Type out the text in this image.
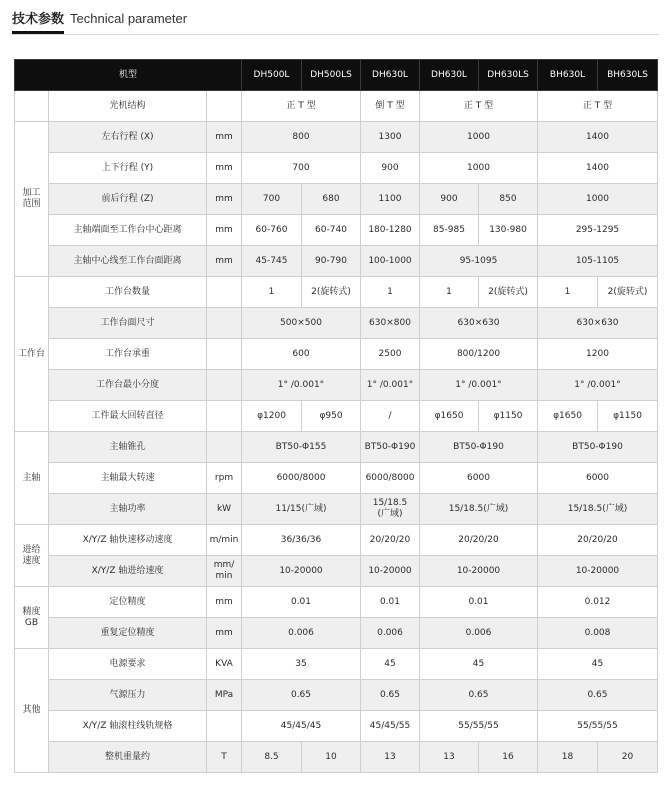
技术参数 Technical parameter
机型			DH500L	DH500LS	DH630L	DH630L	DH630LS	BH630L	BH630LS
	光机结构		正 T 型		倒 T 型	正 T 型		正 T 型	
加工
范围	左右行程 (X)	mm	800		1300	1000		1400	
	上下行程 (Y)	mm	700		900	1000		1400	
	前后行程 (Z)	mm	700	680	1100	900	850	1000	
	主轴端面至工作台中心距离	mm	60-760	60-740	180-1280	85-985	130-980	295-1295	
	主轴中心线至工作台面距离	mm	45-745	90-790	100-1000	95-1095		105-1105	
工作台	工作台数量		1	2(旋转式)	1	1	2(旋转式)	1	2(旋转式)
	工作台面尺寸		500×500		630×800	630×630		630×630	
	工作台承重		600		2500	800/1200		1200	
	工作台最小分度		1° /0.001°		1° /0.001°	1° /0.001°		1° /0.001°	
	工件最大回转直径		φ1200	φ950	/	φ1650	φ1150	φ1650	φ1150
主轴	主轴锥孔		BT50-Φ155		BT50-Φ190	BT50-Φ190		BT50-Φ190	
	主轴最大转速	rpm	6000/8000		6000/8000	6000		6000	
	主轴功率	kW	11/15(广域)		15/18.5
(广域)	15/18.5(广域)		15/18.5(广域)	
进给
速度	X/Y/Z 轴快速移动速度	m/min	36/36/36		20/20/20	20/20/20		20/20/20	
	X/Y/Z 轴进给速度	mm/
min	10-20000		10-20000	10-20000		10-20000	
精度
GB	定位精度	mm	0.01		0.01	0.01		0.012	
	重复定位精度	mm	0.006		0.006	0.006		0.008	
其他	电源要求	KVA	35		45	45		45	
	气源压力	MPa	0.65		0.65	0.65		0.65	
	X/Y/Z 轴滚柱线轨规格		45/45/45		45/45/55	55/55/55		55/55/55	
	整机重量约	T	8.5	10	13	13	16	18	20
